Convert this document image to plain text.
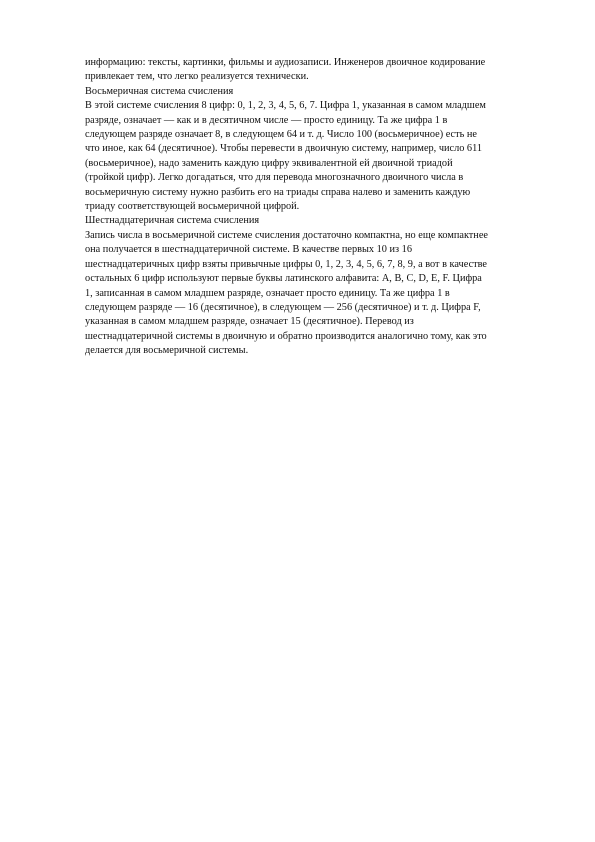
информацию: тексты, картинки, фильмы и аудиозаписи. Инженеров двоичное кодирование

привлекает тем, что легко реализуется технически.

Восьмеричная система счисления

В этой системе счисления 8 цифр: 0, 1, 2, 3, 4, 5, 6, 7. Цифра 1, указанная в самом младшем

разряде, означает — как и в десятичном числе — просто единицу. Та же цифра 1 в

следующем разряде означает 8, в следующем 64 и т. д. Число 100 (восьмеричное) есть не

что иное, как 64 (десятичное). Чтобы перевести в двоичную систему, например, число 611

(восьмеричное), надо заменить каждую цифру эквивалентной ей двоичной триадой

(тройкой цифр). Легко догадаться, что для перевода многозначного двоичного числа в

восьмеричную систему нужно разбить его на триады справа налево и заменить каждую

триаду соответствующей восьмеричной цифрой.

Шестнадцатеричная система счисления

Запись числа в восьмеричной системе счисления достаточно компактна, но еще компактнее

она получается в шестнадцатеричной системе. В качестве первых 10 из 16

шестнадцатеричных цифр взяты привычные цифры 0, 1, 2, 3, 4, 5, 6, 7, 8, 9, а вот в качестве

остальных 6 цифр используют первые буквы латинского алфавита: A, B, C, D, E, F. Цифра

1, записанная в самом младшем разряде, означает просто единицу. Та же цифра 1 в

следующем разряде — 16 (десятичное), в следующем — 256 (десятичное) и т. д. Цифра F,

указанная в самом младшем разряде, означает 15 (десятичное). Перевод из

шестнадцатеричной системы в двоичную и обратно производится аналогично тому, как это

делается для восьмеричной системы.
